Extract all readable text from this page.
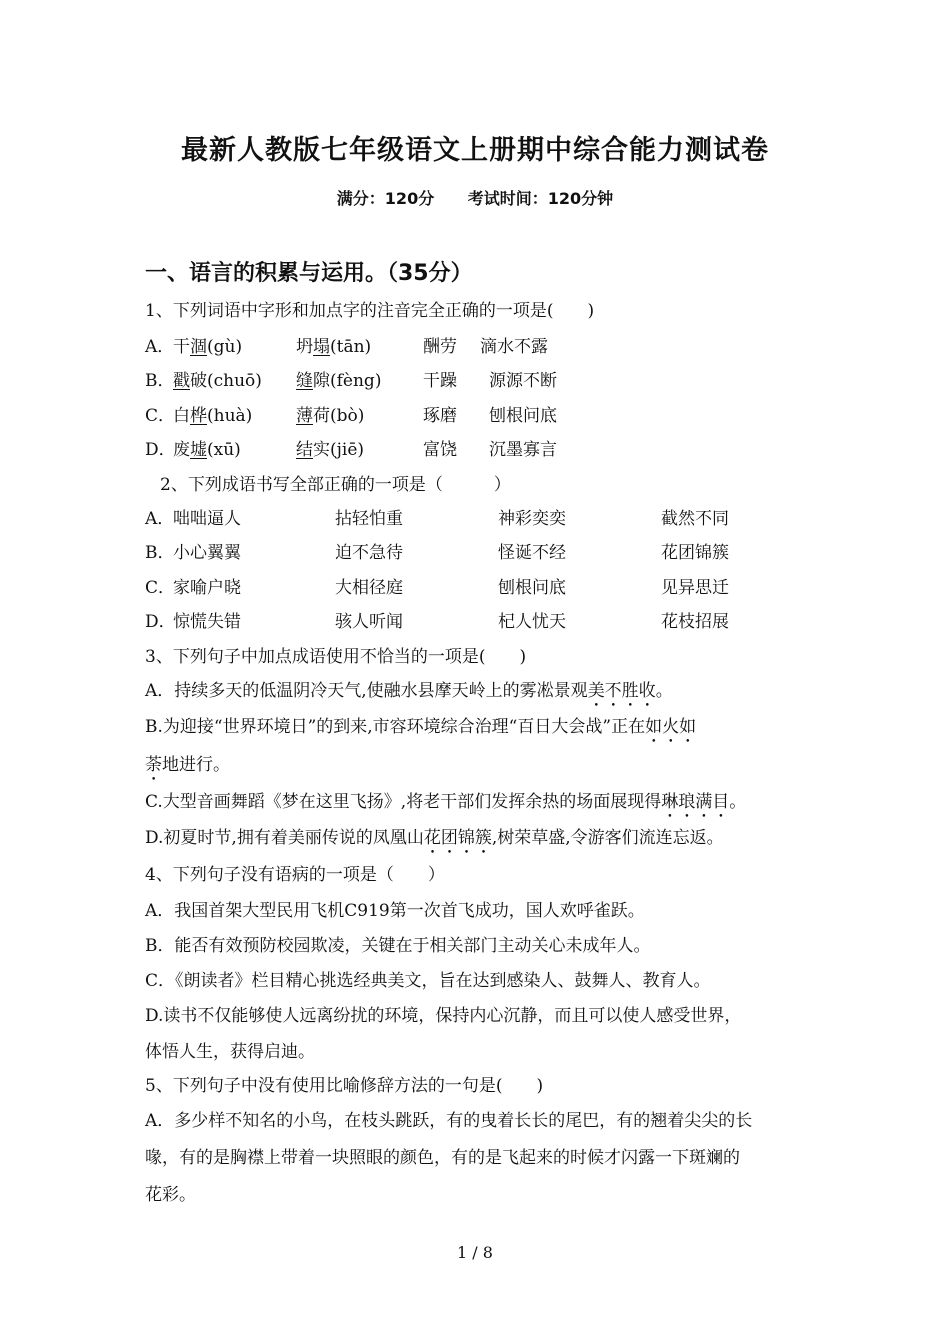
最新人教版七年级语文上册期中综合能力测试卷
满分：120分 考试时间：120分钟
一、语言的积累与运用。（35分）
1、下列词语中字形和加点字的注音完全正确的一项是(　　)
A．
干涸(gù)	坍塌(tān)	酬劳 滴水不露
B．
戳破(chuō) 缝隙(fèng) 干躁 源源不断
C．
白桦(huà)	薄荷(bò)	琢磨 刨根问底
D．
废墟(xū)	结实(jiē)	富饶 沉墨寡言
2、下列成语书写全部正确的一项是（　　　）
A．
咄咄逼人	拈轻怕重	神彩奕奕	截然不同
B．
小心翼翼	迫不急待	怪诞不经	花团锦簇
C．
家喻户晓	大相径庭	刨根问底	见异思迁
D．
惊慌失错	骇人听闻	杞人忧天	花枝招展
3、下列句子中加点成语使用不恰当的一项是(　　)
A．持续多天的低温阴冷天气,使融水县摩天岭上的雾凇景观美不胜收。
B.为迎接“世界环境日”的到来,市容环境综合治理“百日大会战”正在如火如
荼地进行。
C.大型音画舞蹈《梦在这里飞扬》,将老干部们发挥余热的场面展现得琳琅满目。
D.初夏时节,拥有着美丽传说的凤凰山花团锦簇,树荣草盛,令游客们流连忘返。
4、下列句子没有语病的一项是（　　）
A．我国首架大型民用飞机C919第一次首飞成功，国人欢呼雀跃。
B．能否有效预防校园欺凌，关键在于相关部门主动关心未成年人。
C．《朗读者》栏目精心挑选经典美文，旨在达到感染人、鼓舞人、教育人。
D.读书不仅能够使人远离纷扰的环境，保持内心沉静，而且可以使人感受世界，
体悟人生，获得启迪。
5、下列句子中没有使用比喻修辞方法的一句是(　　)
A．多少样不知名的小鸟，在枝头跳跃，有的曳着长长的尾巴，有的翘着尖尖的长
喙，有的是胸襟上带着一块照眼的颜色，有的是飞起来的时候才闪露一下斑斓的
花彩。
1 / 8
